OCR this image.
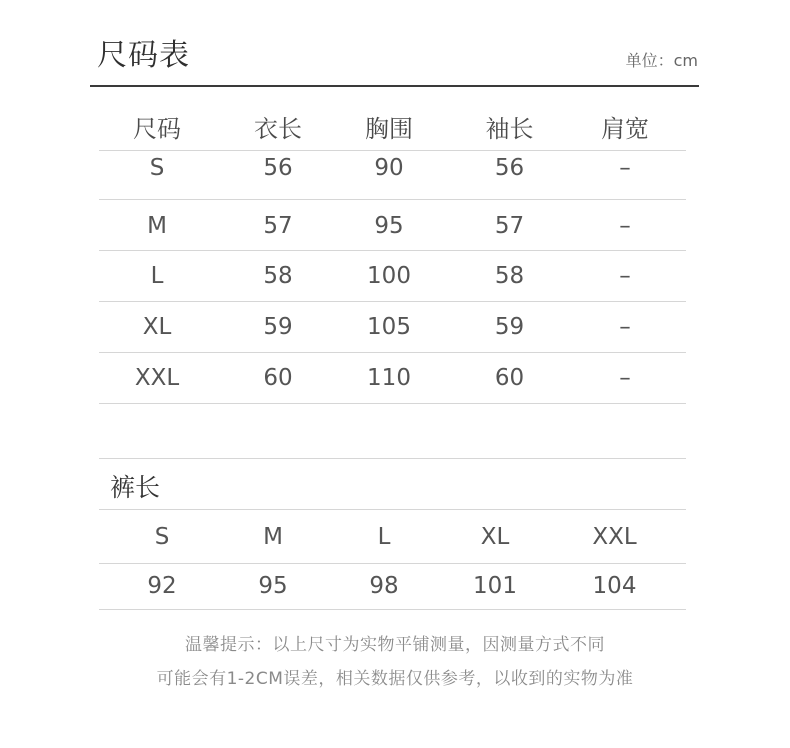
尺码表	单位：cm
尺码	衣长	胸围	袖长	肩宽
S	56	90	56	–
M	57	95	57	–
L	58	100	58	–
XL	59	105	59	–
XXL	60	110	60	–
裤长
S	M	L	XL	XXL
92	95	98	101	104
温馨提示：以上尺寸为实物平铺测量，因测量方式不同
可能会有1-2CM误差，相关数据仅供参考，以收到的实物为准
